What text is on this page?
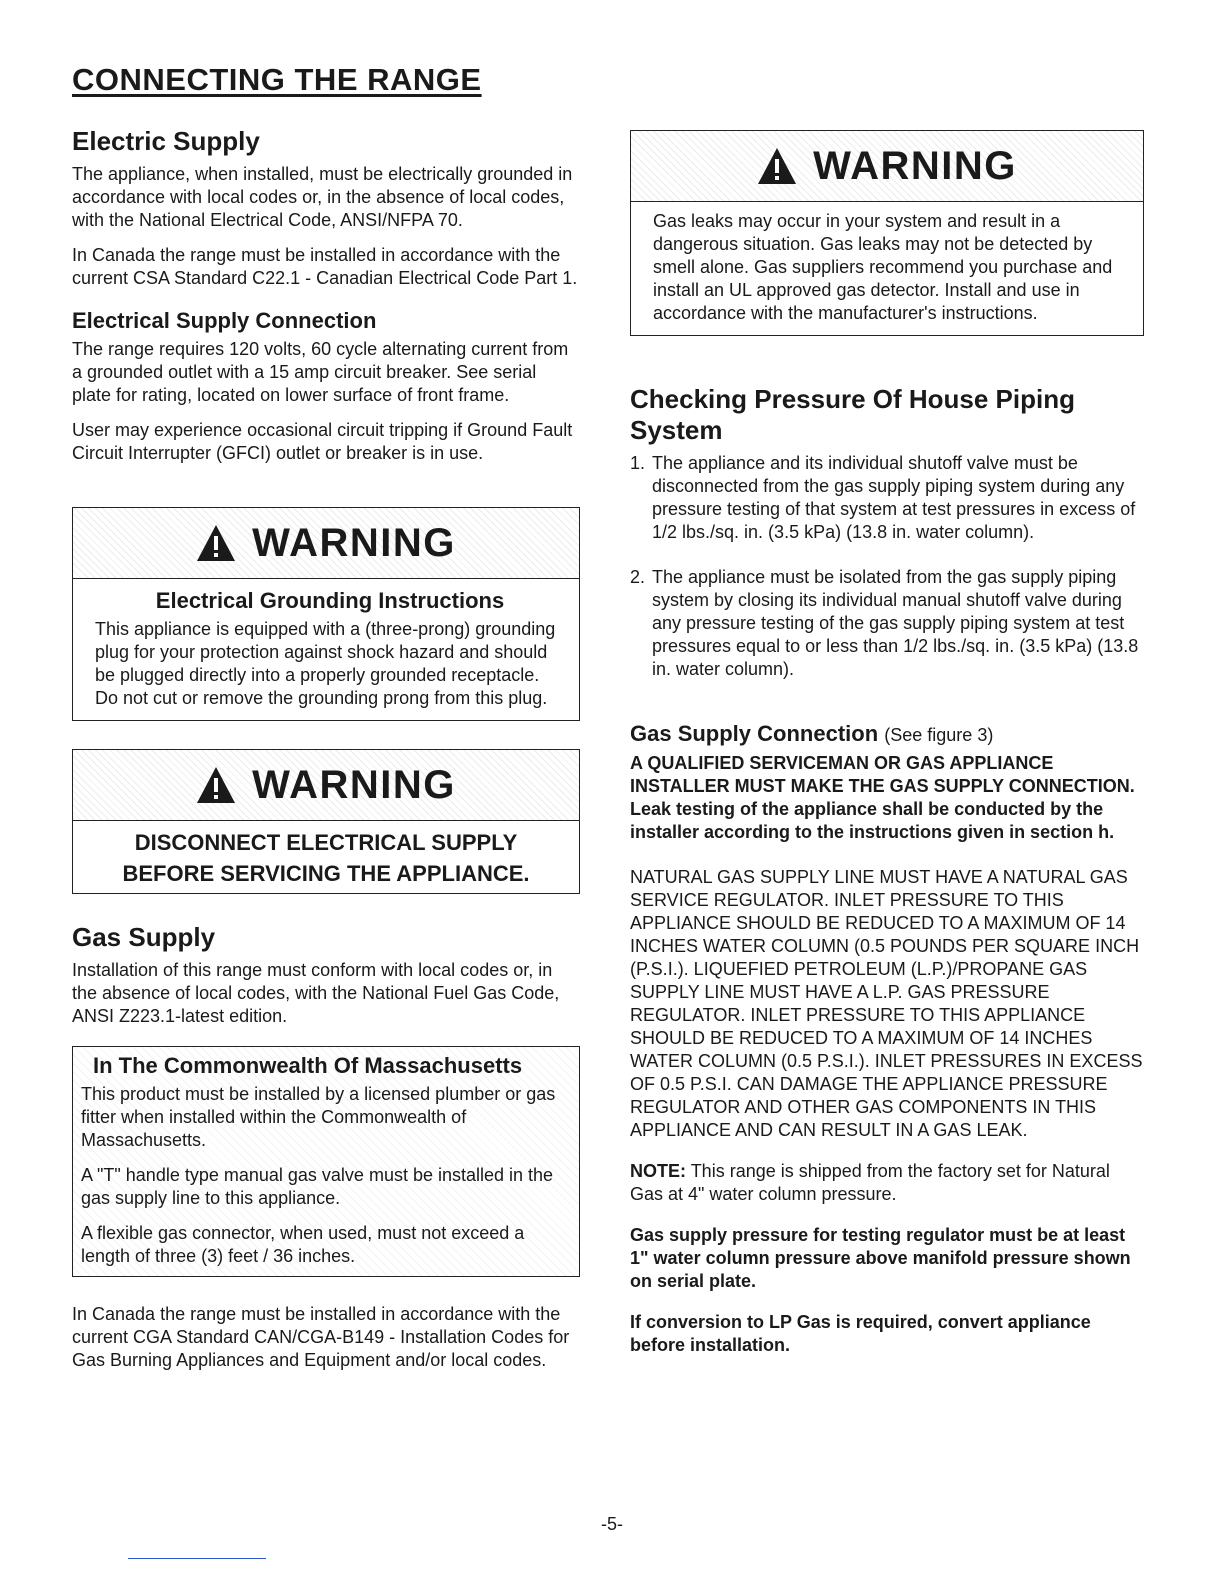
CONNECTING THE RANGE
Electric Supply

The appliance, when installed, must be electrically grounded in accordance with local codes or, in the absence of local codes, with the National Electrical Code, ANSI/NFPA 70.

In Canada the range must be installed in accordance with the current CSA Standard C22.1 - Canadian Electrical Code Part 1.

Electrical Supply Connection

The range requires 120 volts, 60 cycle alternating current from a grounded outlet with a 15 amp circuit breaker. See serial plate for rating, located on lower surface of front frame.

User may experience occasional circuit tripping if Ground Fault Circuit Interrupter (GFCI) outlet or breaker is in use.

WARNING
Electrical Grounding Instructions
This appliance is equipped with a (three-prong) grounding plug for your protection against shock hazard and should be plugged directly into a properly grounded receptacle. Do not cut or remove the grounding prong from this plug.
WARNING
DISCONNECT ELECTRICAL SUPPLY
BEFORE SERVICING THE APPLIANCE.
Gas Supply

Installation of this range must conform with local codes or, in the absence of local codes, with the National Fuel Gas Code, ANSI Z223.1-latest edition.

In The Commonwealth Of Massachusetts

This product must be installed by a licensed plumber or gas fitter when installed within the Commonwealth of Massachusetts.

A "T" handle type manual gas valve must be installed in the gas supply line to this appliance.

A flexible gas connector, when used, must not exceed a length of three (3) feet / 36 inches.

In Canada the range must be installed in accordance with the current CGA Standard CAN/CGA-B149 - Installation Codes for Gas Burning Appliances and Equipment and/or local codes.

WARNING
Gas leaks may occur in your system and result in a dangerous situation. Gas leaks may not be detected by smell alone. Gas suppliers recommend you purchase and install an UL approved gas detector. Install and use in accordance with the manufacturer's instructions.
Checking Pressure Of House Piping System
1. The appliance and its individual shutoff valve must be disconnected from the gas supply piping system during any pressure testing of that system at test pressures in excess of 1/2 lbs./sq. in. (3.5 kPa) (13.8 in. water column).
2. The appliance must be isolated from the gas supply piping system by closing its individual manual shutoff valve during any pressure testing of the gas supply piping system at test pressures equal to or less than 1/2 lbs./sq. in. (3.5 kPa) (13.8 in. water column).
Gas Supply Connection (See figure 3)

A QUALIFIED SERVICEMAN OR GAS APPLIANCE INSTALLER MUST MAKE THE GAS SUPPLY CONNECTION. Leak testing of the appliance shall be conducted by the installer according to the instructions given in section h.

NATURAL GAS SUPPLY LINE MUST HAVE A NATURAL GAS SERVICE REGULATOR. INLET PRESSURE TO THIS APPLIANCE SHOULD BE REDUCED TO A MAXIMUM OF 14 INCHES WATER COLUMN (0.5 POUNDS PER SQUARE INCH (P.S.I.). LIQUEFIED PETROLEUM (L.P.)/PROPANE GAS SUPPLY LINE MUST HAVE A L.P. GAS PRESSURE REGULATOR. INLET PRESSURE TO THIS APPLIANCE SHOULD BE REDUCED TO A MAXIMUM OF 14 INCHES WATER COLUMN (0.5 P.S.I.). INLET PRESSURES IN EXCESS OF 0.5 P.S.I. CAN DAMAGE THE APPLIANCE PRESSURE REGULATOR AND OTHER GAS COMPONENTS IN THIS APPLIANCE AND CAN RESULT IN A GAS LEAK.

NOTE: This range is shipped from the factory set for Natural Gas at 4" water column pressure.

Gas supply pressure for testing regulator must be at least 1" water column pressure above manifold pressure shown on serial plate.

If conversion to LP Gas is required, convert appliance before installation.

-5-
